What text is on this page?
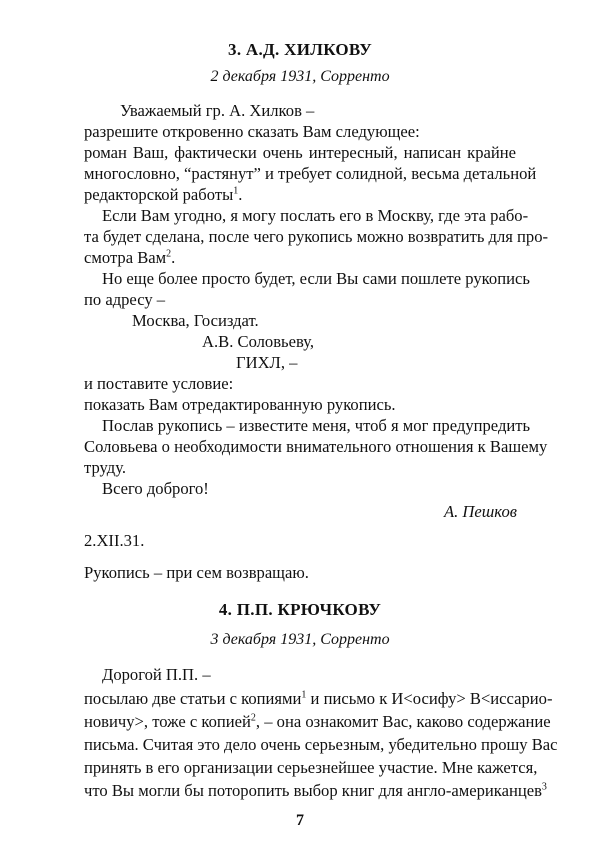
3. А.Д. ХИЛКОВУ
2 декабря 1931, Сорренто
Уважаемый гр. А. Хилков –
разрешите откровенно сказать Вам следующее:
роман Ваш, фактически очень интересный, написан крайне
многословно, “растянут” и требует солидной, весьма детальной
редакторской работы$^1$.
Если Вам угодно, я могу послать его в Москву, где эта рабо-
та будет сделана, после чего рукопись можно возвратить для про-
смотра Вам$^2$.
Но еще более просто будет, если Вы сами пошлете рукопись
по адресу –
Москва, Госиздат.
А.В. Соловьеву,
ГИХЛ, –
и поставите условие:
показать Вам отредактированную рукопись.
Послав рукопись – известите меня, чтоб я мог предупредить
Соловьева о необходимости внимательного отношения к Вашему
труду.
Всего доброго!
А. Пешков
2.XII.31.
Рукопись – при сем возвращаю.
4. П.П. КРЮЧКОВУ
3 декабря 1931, Сорренто
Дорогой П.П. –
посылаю две статьи с копиями$^1$ и письмо к И<осифу> В<иссарио-
новичу>, тоже с копией$^2$, – она ознакомит Вас, каково содержание
письма. Считая это дело очень серьезным, убедительно прошу Вас
принять в его организации серьезнейшее участие. Мне кажется,
что Вы могли бы поторопить выбор книг для англо-американцев$^3$
7
